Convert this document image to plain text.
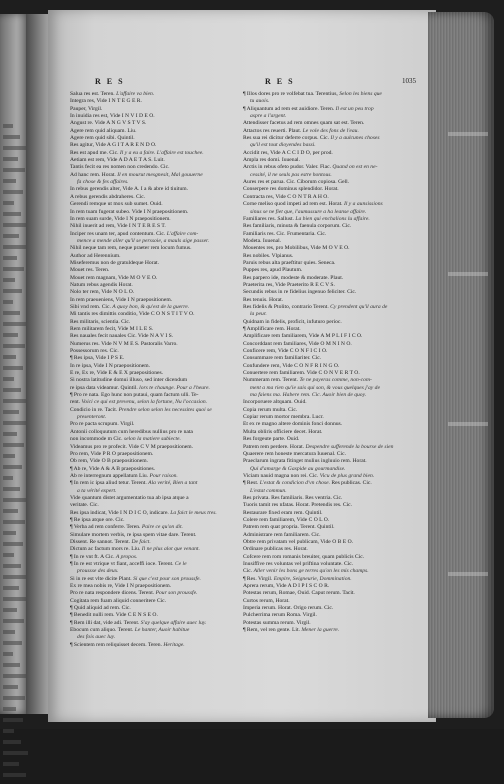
RES	RES	1035
Salua res est. Teren. L'affaire va bien.
Integra res, Vide I N T E G E R.
Pauper, Virgil.
In inuidia res est, Vide I N V I D E O.
Angust re. Vide A N G V S T V S.
Agere rem quid aliquam. Liu.
Agere rem quid sibi. Quintil.
Res agitur, Vide A G I T A R E N D O.
Res est apud me. Cic. Il y a eu a faire. L'affaire est touchee.
Aetiam est rem, Vide A D A E T A S. Luit.
Tantis fecit ea res nomen non credendo. Cic.
Ad hanc rem. Horat. Il en mourut mesgnesit, Mal gouuerne
fa chose & fes affaires.
In rebus gerendis alter, Vide A. I a & abre id tiuitum.
A rebus gerendis abdraheres. Cic.
Gerendi remque ut mox sub sumet. Ouid.
In rem tuam fugerat subeo. Vide I N praepositionem.
In rem suam surde, Vide I N praepositionem.
Nihil inuerit ad rem, Vide I N T E R E S T.
Inciper res unam ter, apud contentum. Cic. L'affaire com-
mence a mende aller qu'il se perssoie, a mauls aige passer.
Nihil neque tam rem, neque praeter rem locum fumus.
Author ad Herennium.
Miseferemus non de gratuldeque Horat.
Mouet res. Teren.
Mouet rem magnam, Vide M O V E O.
Natum rebus agendis Horat.
Nolo ter rem, Vide N O L O.
In rem praeueniens, Vide I N praepositionem.
Sibi vnd rem. Cic. A quoy bon, & qu'est de la guerre.
Mi tantis res dimittis conditio, Vide C O N S T I T V O.
Res militaris, scientia. Cic.
Rem militarem fecit, Vide M I L E S.
Res nauales fecit nauales Cic. Vide N A V I S.
Numerus res. Vide N V M E S. Pastoralis Varro.
Possessorum res. Cic.
¶ Res ipsa, Vide I P S E.
In re ipsa, Vide I N praepositionem.
E re, Ex re, Vide E & E X praepositiones.
Si nostra latitudine domui illuso, sed inter dicendum
re ipsa data videamur. Quintil. lors te chaunge. Pour a l'heure.
¶ Pro re nata. Ego hunc non putaui, quam factum ulli. Te-
rent. Voici ce qui est prevenu, selon la fortune, Nu l'occasion.
Condicio in re. Tacit. Prendre selon selon les necessites quoi se
presenteront.
Pro re pacta scrupum. Virgil.
Antonii colloquutum cum heredibus nullius pro re nata
non incommode m Cic. selon la matiere subiecte.
Videamus pro re profecit. Vide C V M praepositionem.
Pro rem, Vide P R O praepositionem.
Ob rem, Vide O B praepositionem.
¶ Ab re, Vide A & A B praepositiones.
Ab re interregnum appellatum Liu. Pour raison.
¶ In rem ic ipsa aliud tetur. Terent. Ala verité, Bien a tant
a ta vérité expert.
Vide quantum distet argumentatio tua ab ipsa atque a
veritate. Cic.
Res ipsa indicat, Vide I N D I C O, indicare. La faict le meus tres.
¶ Re ipsa atque ore. Cic.
¶ Verba ad rem conferre. Teren. Paire ce qu'on dit.
Simulare mortem verbis, re ipsa spem vitae dare. Terent.
Dissent. Re sannot. Terent. De faict.
Dictum ac factum mors re. Liu. Il ne plus alot que venant.
¶ In re vnt ft. A Cic. A propos.
¶ In re est vtrique vt fiant, acceffi ioce. Terent. Ce le
proussse des deux.
Si in re est vlte dicite Plant. Si que c'est pour son proussfe.
Ex re mea nobis re, Vide I N praepositionem.
Pro re nata respondere dicens. Terent. Pour son proussfe.
Cogitata rem fuam aliquid conneritere Cic.
¶ Quid aliquid ad rem. Cic.
¶ Benedit nulli rem. Vide C E N S E O.
¶ Rem illi dat, vide adi. Terent. S'ay quelque affaire auec luy.
Ebocum cum aliquo. Terent. Le hanter, Auoir habitue
des fois auec luy.
¶ Scientem rem reliquisset decem. Teren. Heritage.
¶ Illos dores pro re volfebat tua. Terentius, Selon les biens que
tu auois.
¶ Aliquantum ad rem est auidiore. Teren. Il est un peu trop
aspre a l'argent.
Attendisser facetus ad rem omnes quam sat est. Teren.
Attactos res reuerti. Plaut. Le vole des fons de l'eau.
Res sua rei dicitur deferre corpus. Cic. Il y a aulcunes choses
qu'il est tout dioyendes bassi.
Accidit res, Vide A C C I D O, per prod.
Ampla res domi. Iuuenal.
Arctis in rebus ofeto pudor. Valer. Flac. Quand on est en ne-
cessité, il ne seuls pas estre hontous.
Aures res et parua. Cic. Ciborum copiosa. Gell.
Conserpere res dominus splendidor. Horat.
Contracta res, Vide C O N T R A H O.
Corne meliso quod impeti ad rem est. Horat. Il y a aunsissions
sinus se ne fiet que, l'aumussure a ha leanse affaire.
Familiares res. Sallust. La bien qui enchalions lu affaire.
Res familiaris, minuta & faenula corporum. Cic.
Familiaris res. Cic. Frumentaria. Cic.
Modeta. Iuuenal.
Mouentes res, pro Mobilibus, Vide M O V E O.
Res nobiles. Vlpianus.
Paruis rebus alta praeftitur quies. Seneca.
Puppes res, apud Plautum.
Res parpero ide, modeste & moderate. Plaut.
Praeterita res, Vide Praeterito R E C V S.
Secundis rebus in re fidelius ingenuo feliciter. Cic.
Res tenuis. Horat.
Res fidelis & Ptolito, contrario Terent. Cy prendent qu'il aura de
la peur.
Quidnam in fidelis, proficit, infuturo perioc.
¶ Amplificare rem. Horat.
Amplificare rem familiarem, Vide A M P L I F I C O.
Concorddant rem familiares, Vide O M N I N O.
Conficere rem, Vide C O N F I C I O.
Consummare rem familiariter. Cic.
Confundere rem, Vide C O N F R I N G O.
Conuertere rem familiarem. Vide C O N V E R T O.
Nummeram rem. Terent. Te ne payeras comme, non-com-
ment a ma rien qu'ie sais qui son, & vous quelques j'ay de
ma faiens ma. Habere rem. Cic. Auoir bien de quoy.
Incorporuere altquam. Ouid.
Copia rerum multa. Cic.
Copiar rerum mortor membra. Lucr.
Et ex re magno altere dominis fonci donnus.
Multa obliris officiere decet. Horat.
Res forgeute parte. Ouid.
Patrem rem perdere. Horat. Despendre sufferende la bourse de sien
Quaerere rem honeste mercatura Iuuenal. Cic.
Praeclarum ingrata fitinget mulius ingluuio rem. Horat.
Qui d'amarge & Gaspide au gourmandise.
Viciam nauid magna non rei. Cic. Vicu de plus grand bien.
¶ Rest. L'estat & condicion d'vn chose. Res publicas. Cic.
L'estat commun.
Res privata. Res familiaris. Res ventria. Cic.
Tuoris tamit res nfatas. Horat. Pretendis res. Cic.
Restaurare fixed eram rem. Quintil.
Colere rem familiarem, Vide C O L O.
Patrem rem quat propria. Terent. Quintil.
Administrare rem familiarem. Cic.
Obtre rem privatam vel publicam, Vide O B E O.
Ordinare publicas res. Horat.
Cofcere rem rom romanis breuiter, quam publicis Cic.
Inusiffive res voluntas vel priftina voluntate. Cic.
Cic. Aller venir les bons ge terres qu'on les mis champs.
¶ Res. Virgil. Empire, Seigneurie, Dommination.
Aprera rerum, Vide A D I P I S C O R.
Potestas rerum, Romae, Ouid. Caput rerum. Tacit.
Curtos rerum, Horat.
Imperia rerum. Horat. Origo rerum. Cic.
Pulcherrima rerum Roma. Virgil.
Potestas summa rerum. Virgil.
¶ Rem, vel ren gente. Lit. Mener la guerre.
